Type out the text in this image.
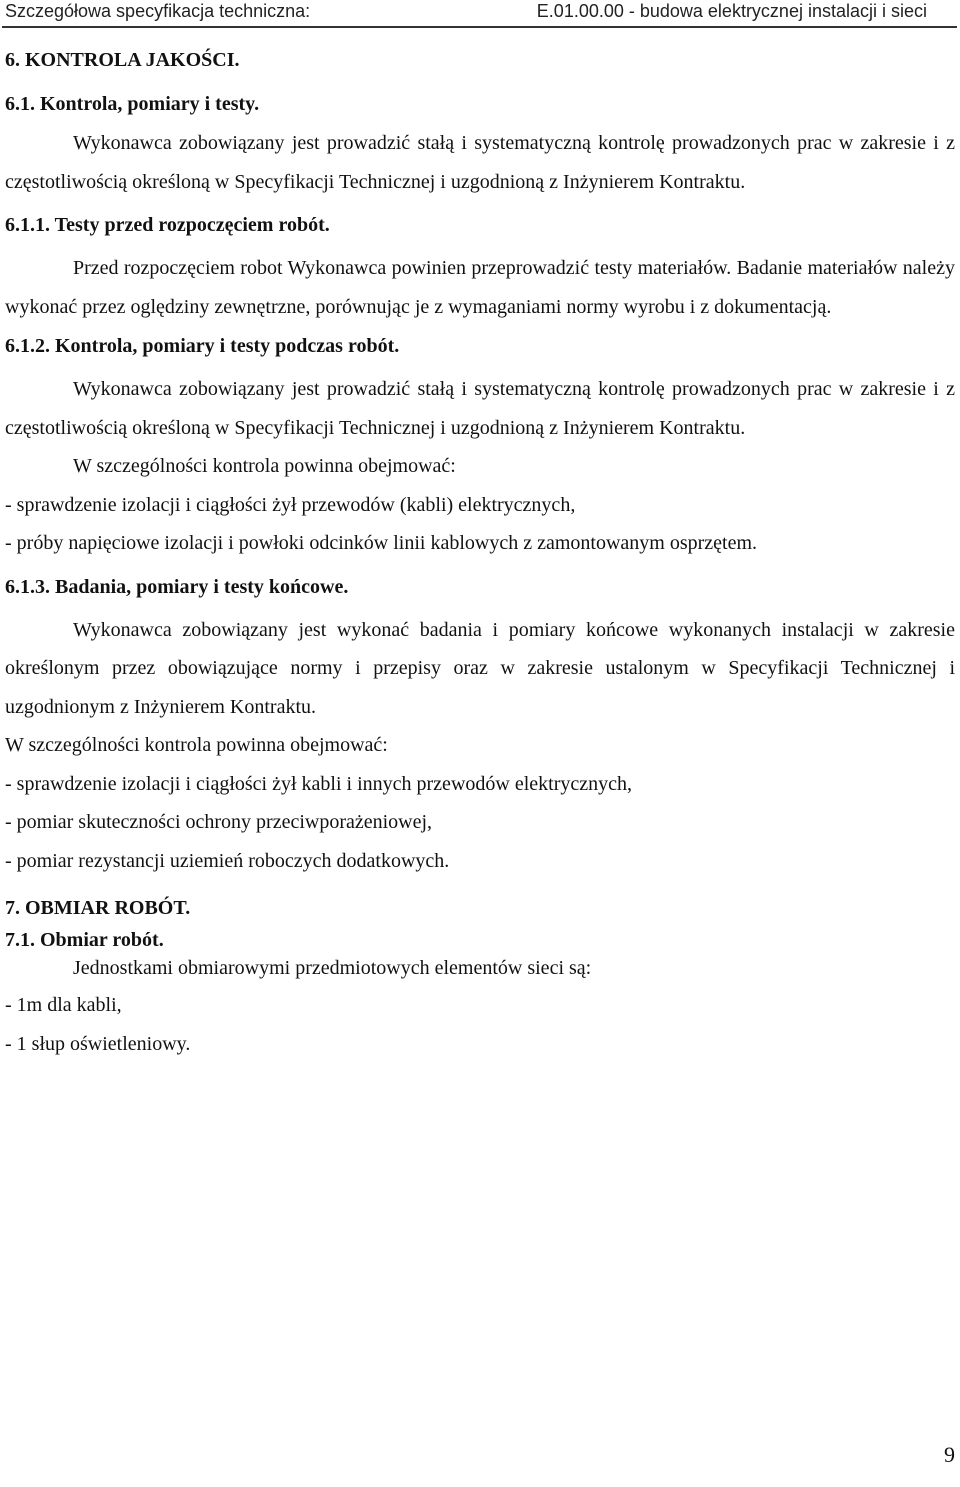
Szczegółowa specyfikacja techniczna:	E.01.00.00 - budowa elektrycznej instalacji i sieci

6. KONTROLA JAKOŚCI.

6.1. Kontrola, pomiary i testy.

Wykonawca zobowiązany jest prowadzić stałą i systematyczną kontrolę prowadzonych prac w zakresie i z częstotliwością określoną w Specyfikacji Technicznej i uzgodnioną z Inżynierem Kontraktu.

6.1.1. Testy przed rozpoczęciem robót.

Przed rozpoczęciem robot Wykonawca powinien przeprowadzić testy materiałów. Badanie materiałów należy wykonać przez oględziny zewnętrzne, porównując je z wymaganiami normy wyrobu i z dokumentacją.

6.1.2. Kontrola, pomiary i testy podczas robót.

Wykonawca zobowiązany jest prowadzić stałą i systematyczną kontrolę prowadzonych prac w zakresie i z częstotliwością określoną w Specyfikacji Technicznej i uzgodnioną z Inżynierem Kontraktu.

W szczególności kontrola powinna obejmować:

- sprawdzenie izolacji i ciągłości żył przewodów (kabli) elektrycznych,

- próby napięciowe izolacji i powłoki odcinków linii kablowych z zamontowanym osprzętem.

6.1.3. Badania, pomiary i testy końcowe.

Wykonawca zobowiązany jest wykonać badania i pomiary końcowe wykonanych instalacji w zakresie określonym przez obowiązujące normy i przepisy oraz w zakresie ustalonym w Specyfikacji Technicznej i uzgodnionym z Inżynierem Kontraktu.

W szczególności kontrola powinna obejmować:

- sprawdzenie izolacji i ciągłości żył kabli i innych przewodów elektrycznych,

- pomiar skuteczności ochrony przeciwporażeniowej,

- pomiar rezystancji uziemień roboczych dodatkowych.

7. OBMIAR ROBÓT.

7.1. Obmiar robót.

Jednostkami obmiarowymi przedmiotowych elementów sieci są:

- 1m dla kabli,

- 1 słup oświetleniowy.

9
